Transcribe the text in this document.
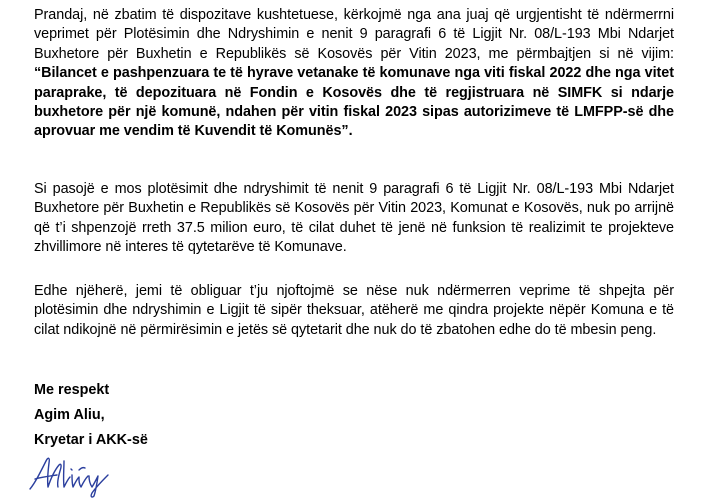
Prandaj, në zbatim të dispozitave kushtetuese, kërkojmë nga ana juaj që urgjentisht të ndërmerrni veprimet për Plotësimin dhe Ndryshimin e nenit 9 paragrafi 6 të Ligjit Nr. 08/L-193 Mbi Ndarjet Buxhetore për Buxhetin e Republikës së Kosovës për Vitin 2023, me përmbajtjen si në vijim: “Bilancet e pashpenzuara te të hyrave vetanake të komunave nga viti fiskal 2022 dhe nga vitet paraprake, të depozituara në Fondin e Kosovës dhe të regjistruara në SIMFK si ndarje buxhetore për një komunë, ndahen për vitin fiskal 2023 sipas autorizimeve të LMFPP-së dhe aprovuar me vendim të Kuvendit të Komunës”.

Si pasojë e mos plotësimit dhe ndryshimit të nenit 9 paragrafi 6 të Ligjit Nr. 08/L-193 Mbi Ndarjet Buxhetore për Buxhetin e Republikës së Kosovës për Vitin 2023, Komunat e Kosovës, nuk po arrijnë që t’i shpenzojë rreth 37.5 milion euro, të cilat duhet të jenë në funksion të realizimit te projekteve zhvillimore në interes të qytetarëve të Komunave.

Edhe njëherë, jemi të obliguar t’ju njoftojmë se nëse nuk ndërmerren veprime të shpejta për plotësimin dhe ndryshimin e Ligjit të sipër theksuar, atëherë me qindra projekte nëpër Komuna e të cilat ndikojnë në përmirësimin e jetës së qytetarit dhe nuk do të zbatohen edhe do të mbesin peng.

Me respekt

Agim Aliu,

Kryetar i AKK-së
